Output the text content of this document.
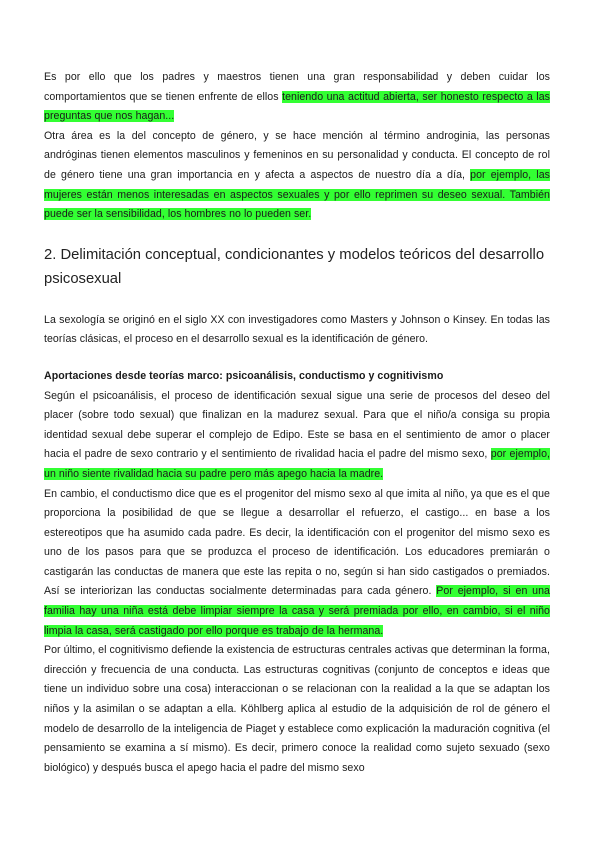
Es por ello que los padres y maestros tienen una gran responsabilidad y deben cuidar los comportamientos que se tienen enfrente de ellos teniendo una actitud abierta, ser honesto respecto a las preguntas que nos hagan...

Otra área es la del concepto de género, y se hace mención al término androginia, las personas andróginas tienen elementos masculinos y femeninos en su personalidad y conducta. El concepto de rol de género tiene una gran importancia en y afecta a aspectos de nuestro día a día, por ejemplo, las mujeres están menos interesadas en aspectos sexuales y por ello reprimen su deseo sexual. También puede ser la sensibilidad, los hombres no lo pueden ser.

2. Delimitación conceptual, condicionantes y modelos teóricos del desarrollo psicosexual

La sexología se originó en el siglo XX con investigadores como Masters y Johnson o Kinsey. En todas las teorías clásicas, el proceso en el desarrollo sexual es la identificación de género.

Aportaciones desde teorías marco: psicoanálisis, conductismo y cognitivismo

Según el psicoanálisis, el proceso de identificación sexual sigue una serie de procesos del deseo del placer (sobre todo sexual) que finalizan en la madurez sexual. Para que el niño/a consiga su propia identidad sexual debe superar el complejo de Edipo. Este se basa en el sentimiento de amor o placer hacia el padre de sexo contrario y el sentimiento de rivalidad hacia el padre del mismo sexo, por ejemplo, un niño siente rivalidad hacia su padre pero más apego hacia la madre.

En cambio, el conductismo dice que es el progenitor del mismo sexo al que imita al niño, ya que es el que proporciona la posibilidad de que se llegue a desarrollar el refuerzo, el castigo... en base a los estereotipos que ha asumido cada padre. Es decir, la identificación con el progenitor del mismo sexo es uno de los pasos para que se produzca el proceso de identificación. Los educadores premiarán o castigarán las conductas de manera que este las repita o no, según si han sido castigados o premiados. Así se interiorizan las conductas socialmente determinadas para cada género. Por ejemplo, si en una familia hay una niña está debe limpiar siempre la casa y será premiada por ello, en cambio, si el niño limpia la casa, será castigado por ello porque es trabajo de la hermana.

Por último, el cognitivismo defiende la existencia de estructuras centrales activas que determinan la forma, dirección y frecuencia de una conducta. Las estructuras cognitivas (conjunto de conceptos e ideas que tiene un individuo sobre una cosa) interaccionan o se relacionan con la realidad a la que se adaptan los niños y la asimilan o se adaptan a ella. Köhlberg aplica al estudio de la adquisición de rol de género el modelo de desarrollo de la inteligencia de Piaget y establece como explicación la maduración cognitiva (el pensamiento se examina a sí mismo). Es decir, primero conoce la realidad como sujeto sexuado (sexo biológico) y después busca el apego hacia el padre del mismo sexo
